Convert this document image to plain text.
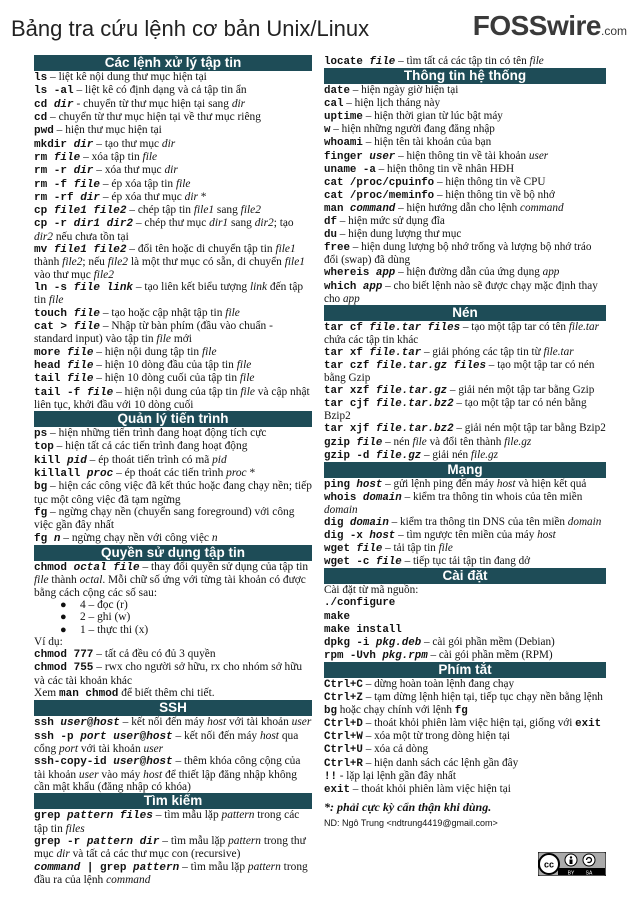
Bảng tra cứu lệnh cơ bản Unix/Linux	FOSSwire.com
Các lệnh xử lý tập tin
ls – liệt kê nội dung thư mục hiện tại
ls -al – liệt kê có định dạng và cả tập tin ẩn
cd dir - chuyển từ thư mục hiện tại sang dir
cd – chuyển từ thư mục hiện tại về thư mục riêng
pwd – hiện thư mục hiện tại
mkdir dir – tạo thư mục dir
rm file – xóa tập tin file
rm -r dir – xóa thư mục dir
rm -f file – ép xóa tập tin file
rm -rf dir – ép xóa thư mục dir *
cp file1 file2 – chép tập tin file1 sang file2
cp -r dir1 dir2 – chép thư mục dir1 sang dir2; tạo dir2 nếu chưa tồn tại
mv file1 file2 – đổi tên hoặc di chuyển tập tin file1 thành file2; nếu file2 là một thư mục có sẵn, di chuyển file1 vào thư mục file2
ln -s file link – tạo liên kết biểu tượng link đến tập tin file
touch file – tạo hoặc cập nhật tập tin file
cat > file – Nhập từ bàn phím (đầu vào chuẩn - standard input) vào tập tin file mới
more file – hiện nội dung tập tin file
head file – hiện 10 dòng đầu của tập tin file
tail file – hiện 10 dòng cuối của tập tin file
tail -f file – hiện nội dung của tập tin file và cập nhật liên tục, khởi đầu với 10 dòng cuối
Quản lý tiến trình
ps – hiện những tiến trình đang hoạt động tích cực
top – hiện tất cả các tiến trình đang hoạt động
kill pid – ép thoát tiến trình có mã pid
killall proc – ép thoát các tiến trình proc *
bg – hiện các công việc đã kết thúc hoặc đang chạy nền; tiếp tục một công việc đã tạm ngừng
fg – ngừng chạy nền (chuyển sang foreground) với công việc gần đây nhất
fg n – ngừng chạy nền với công việc n
Quyền sử dụng tập tin
chmod octal file – thay đổi quyền sử dụng của tập tin file thành octal. Mỗi chữ số ứng với từng tài khoản có được bằng cách cộng các số sau:
● 4 – đọc (r)
● 2 – ghi (w)
● 1 – thực thi (x)
Ví dụ:
chmod 777 – tất cả đều có đủ 3 quyền
chmod 755 – rwx cho người sở hữu, rx cho nhóm sở hữu và các tài khoản khác
Xem man chmod để biết thêm chi tiết.
SSH
ssh user@host – kết nối đến máy host với tài khoản user
ssh -p port user@host – kết nối đến máy host qua cổng port với tài khoản user
ssh-copy-id user@host – thêm khóa công cộng của tài khoản user vào máy host để thiết lập đăng nhập không cần mật khẩu (đăng nhập có khóa)
Tìm kiếm
grep pattern files – tìm mẫu lặp pattern trong các tập tin files
grep -r pattern dir – tìm mẫu lặp pattern trong thư mục dir và tất cả các thư mục con (recursive)
command | grep pattern – tìm mẫu lặp pattern trong đầu ra của lệnh command
locate file – tìm tất cả các tập tin có tên file
Thông tin hệ thống
date – hiện ngày giờ hiện tại
cal – hiện lịch tháng này
uptime – hiện thời gian từ lúc bật máy
w – hiện những người đang đăng nhập
whoami – hiện tên tài khoản của bạn
finger user – hiện thông tin về tài khoản user
uname -a – hiện thông tin về nhân HĐH
cat /proc/cpuinfo – hiện thông tin về CPU
cat /proc/meminfo – hiện thông tin về bộ nhớ
man command – hiện hướng dẫn cho lệnh command
df – hiện mức sử dụng đĩa
du – hiện dung lượng thư mục
free – hiện dung lượng bộ nhớ trống và lượng bộ nhớ tráo đổi (swap) đã dùng
whereis app – hiện đường dẫn của ứng dụng app
which app – cho biết lệnh nào sẽ được chạy mặc định thay cho app
Nén
tar cf file.tar files – tạo một tập tar có tên file.tar chứa các tập tin khác
tar xf file.tar – giải phóng các tập tin từ file.tar
tar czf file.tar.gz files – tạo một tập tar có nén bằng Gzip
tar xzf file.tar.gz – giải nén một tập tar bằng Gzip
tar cjf file.tar.bz2 – tạo một tập tar có nén bằng Bzip2
tar xjf file.tar.bz2 – giải nén một tập tar bằng Bzip2
gzip file – nén file và đổi tên thành file.gz
gzip -d file.gz – giải nén file.gz
Mạng
ping host – gửi lệnh ping đến máy host và hiện kết quả
whois domain – kiểm tra thông tin whois của tên miền domain
dig domain – kiểm tra thông tin DNS của tên miền domain
dig -x host – tìm ngược tên miền của máy host
wget file – tải tập tin file
wget -c file – tiếp tục tải tập tin đang dở
Cài đặt
Cài đặt từ mã nguồn:
./configure
make
make install
dpkg -i pkg.deb – cài gói phần mềm (Debian)
rpm -Uvh pkg.rpm – cài gói phần mềm (RPM)
Phím tắt
Ctrl+C – dừng hoàn toàn lệnh đang chạy
Ctrl+Z – tạm dừng lệnh hiện tại, tiếp tục chạy nền bằng lệnh bg hoặc chạy chính với lệnh fg
Ctrl+D – thoát khỏi phiên làm việc hiện tại, giống với exit
Ctrl+W – xóa một từ trong dòng hiện tại
Ctrl+U – xóa cả dòng
Ctrl+R – hiện danh sách các lệnh gần đây
!! - lặp lại lệnh gần đây nhất
exit – thoát khỏi phiên làm việc hiện tại
*: phải cực kỳ cẩn thận khi dùng.
ND: Ngô Trung <ndtrung4419@gmail.com>
cc
BY SA
